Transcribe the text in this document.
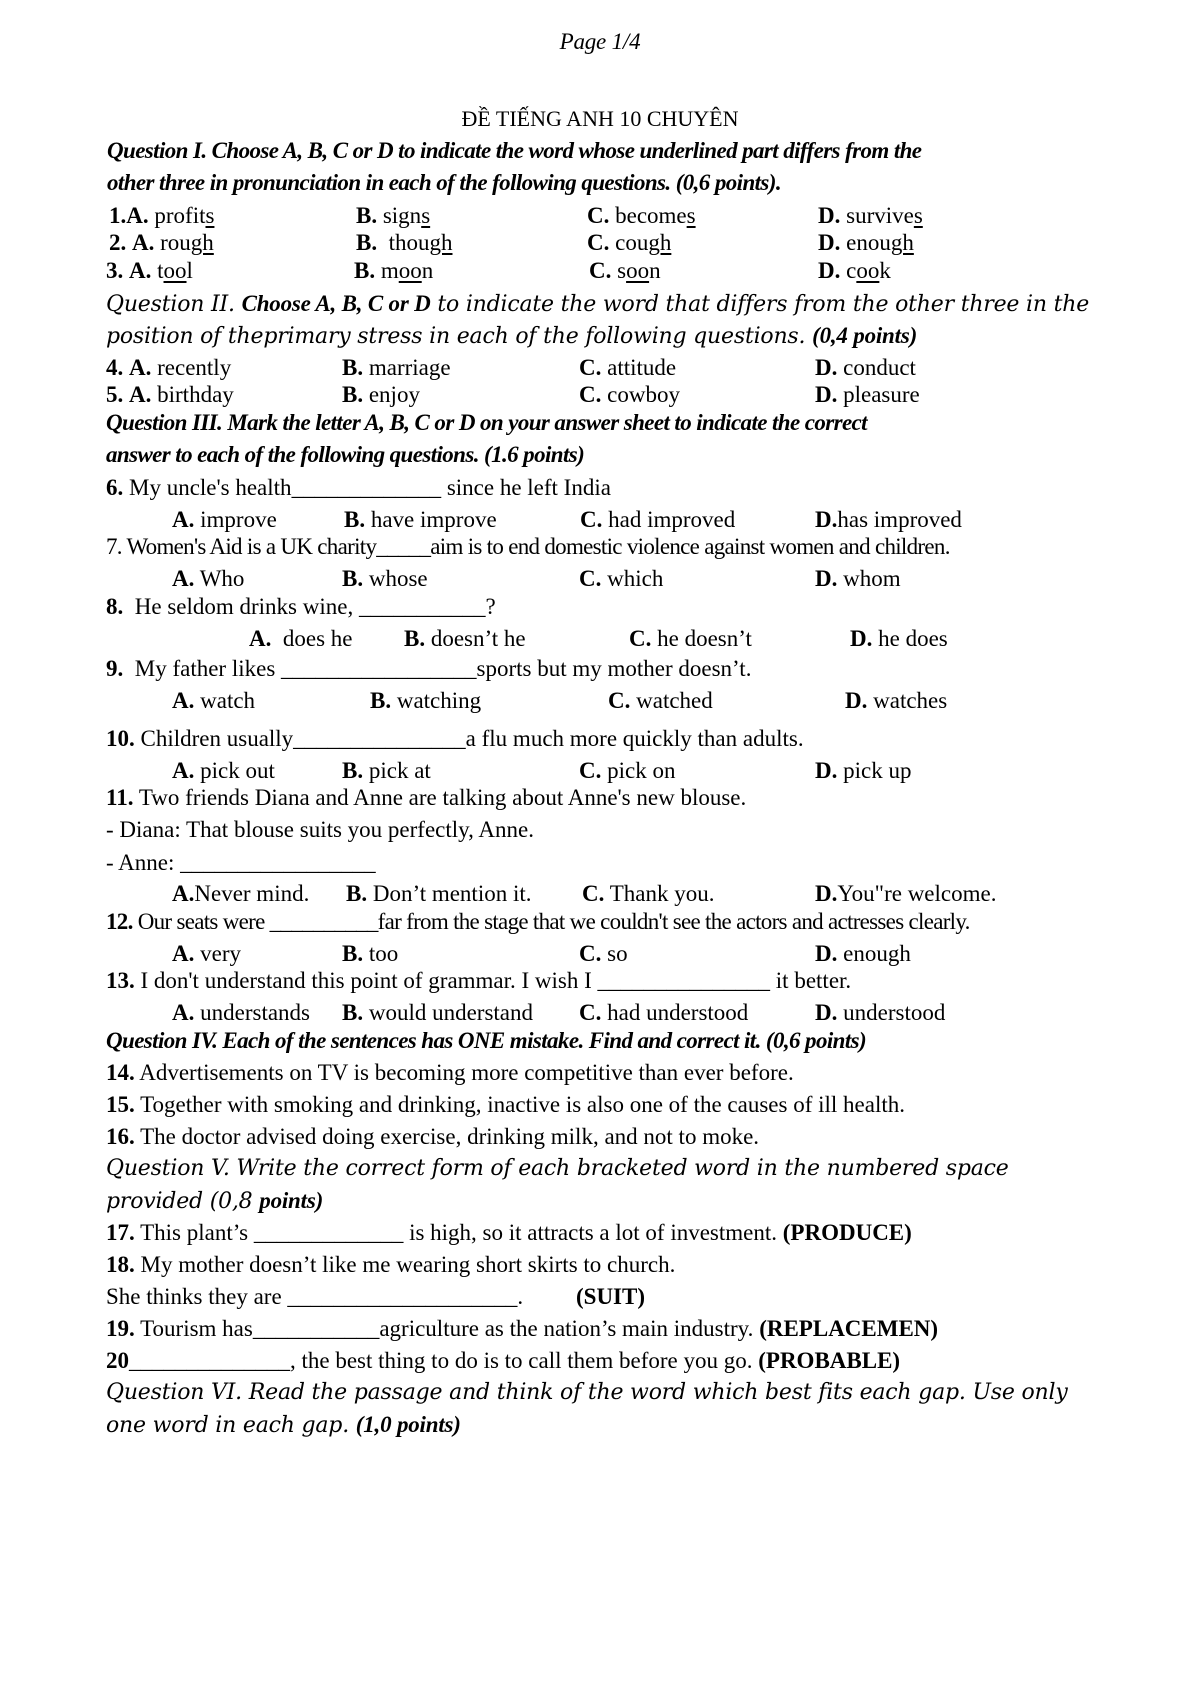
Page 1/4
ĐỀ TIẾNG ANH 10 CHUYÊN
Question I. Choose A, B, C or D to indicate the word whose underlined part differs from the
other three in pronunciation in each of the following questions. (0,6 points).
1.A. profits	B. signs	C. becomes	D. survives
2. A. rough	B. though	C. cough	D. enough
3. A. tool	B. moon	C. soon	D. cook
Question II. Choose A, B, C or D to indicate the word that differs from the other three in the
position of theprimary stress in each of the following questions. (0,4 points)
4. A. recently	B. marriage	C. attitude	D. conduct
5. A. birthday	B. enjoy	C. cowboy	D. pleasure
Question III. Mark the letter A, B, C or D on your answer sheet to indicate the correct
answer to each of the following questions. (1.6 points)
6. My uncle's health_____________ since he left India
A. improve	B. have improve	C. had improved	D.has improved
7. Women's Aid is a UK charity_____aim is to end domestic violence against women and children.
A. Who	B. whose	C. which	D. whom
8. He seldom drinks wine, ___________?
A. does he B. doesn’t he	C. he doesn’t	D. he does
9. My father likes _________________sports but my mother doesn’t.
A. watch	B. watching	C. watched	D. watches
10. Children usually_______________a flu much more quickly than adults.
A. pick out	B. pick at	C. pick on	D. pick up
11. Two friends Diana and Anne are talking about Anne's new blouse.
- Diana: That blouse suits you perfectly, Anne.
- Anne: _________________
A.Never mind. B. Don’t mention it. C. Thank you.	D.You"re welcome.
12. Our seats were __________far from the stage that we couldn't see the actors and actresses clearly.
A. very	B. too	C. so	D. enough
13. I don't understand this point of grammar. I wish I _______________ it better.
A. understands B. would understand C. had understood	D. understood
Question IV. Each of the sentences has ONE mistake. Find and correct it. (0,6 points)
14. Advertisements on TV is becoming more competitive than ever before.
15. Together with smoking and drinking, inactive is also one of the causes of ill health.
16. The doctor advised doing exercise, drinking milk, and not to moke.
Question V. Write the correct form of each bracketed word in the numbered space
provided (0,8 points)
17. This plant’s _____________ is high, so it attracts a lot of investment. (PRODUCE)
18. My mother doesn’t like me wearing short skirts to church.
She thinks they are ____________________. (SUIT)
19. Tourism has___________agriculture as the nation’s main industry. (REPLACEMEN)
20______________, the best thing to do is to call them before you go. (PROBABLE)
Question VI. Read the passage and think of the word which best fits each gap. Use only
one word in each gap. (1,0 points)
